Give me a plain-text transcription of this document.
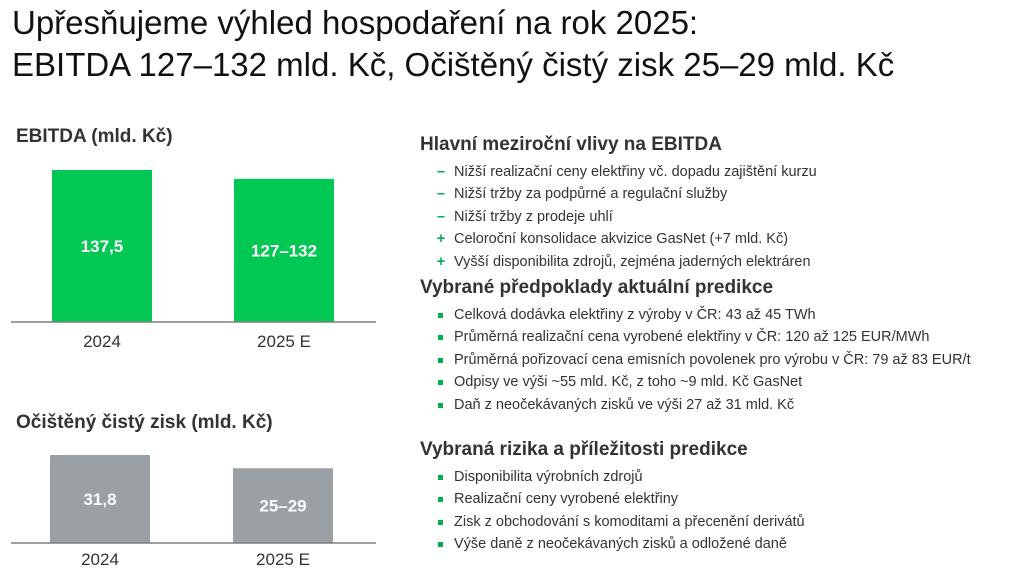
Upřesňujeme výhled hospodaření na rok 2025:
EBITDA 127–132 mld. Kč, Očištěný čistý zisk 25–29 mld. Kč
EBITDA (mld. Kč)
137,5
2024
127–132
2025 E
Očištěný čistý zisk (mld. Kč)
31,8
2024
25–29
2025 E
Hlavní meziroční vlivy na EBITDA
– Nižší realizační ceny elektřiny vč. dopadu zajištění kurzu
– Nižší tržby za podpůrné a regulační služby
– Nižší tržby z prodeje uhlí
+ Celoroční konsolidace akvizice GasNet (+7 mld. Kč)
+ Vyšší disponibilita zdrojů, zejména jaderných elektráren
Vybrané předpoklady aktuální predikce
Celková dodávka elektřiny z výroby v ČR: 43 až 45 TWh
Průměrná realizační cena vyrobené elektřiny v ČR: 120 až 125 EUR/MWh
Průměrná pořizovací cena emisních povolenek pro výrobu v ČR: 79 až 83 EUR/t
Odpisy ve výši ~55 mld. Kč, z toho ~9 mld. Kč GasNet
Daň z neočekávaných zisků ve výši 27 až 31 mld. Kč
Vybraná rizika a příležitosti predikce
Disponibilita výrobních zdrojů
Realizační ceny vyrobené elektřiny
Zisk z obchodování s komoditami a přecenění derivátů
Výše daně z neočekávaných zisků a odložené daně
